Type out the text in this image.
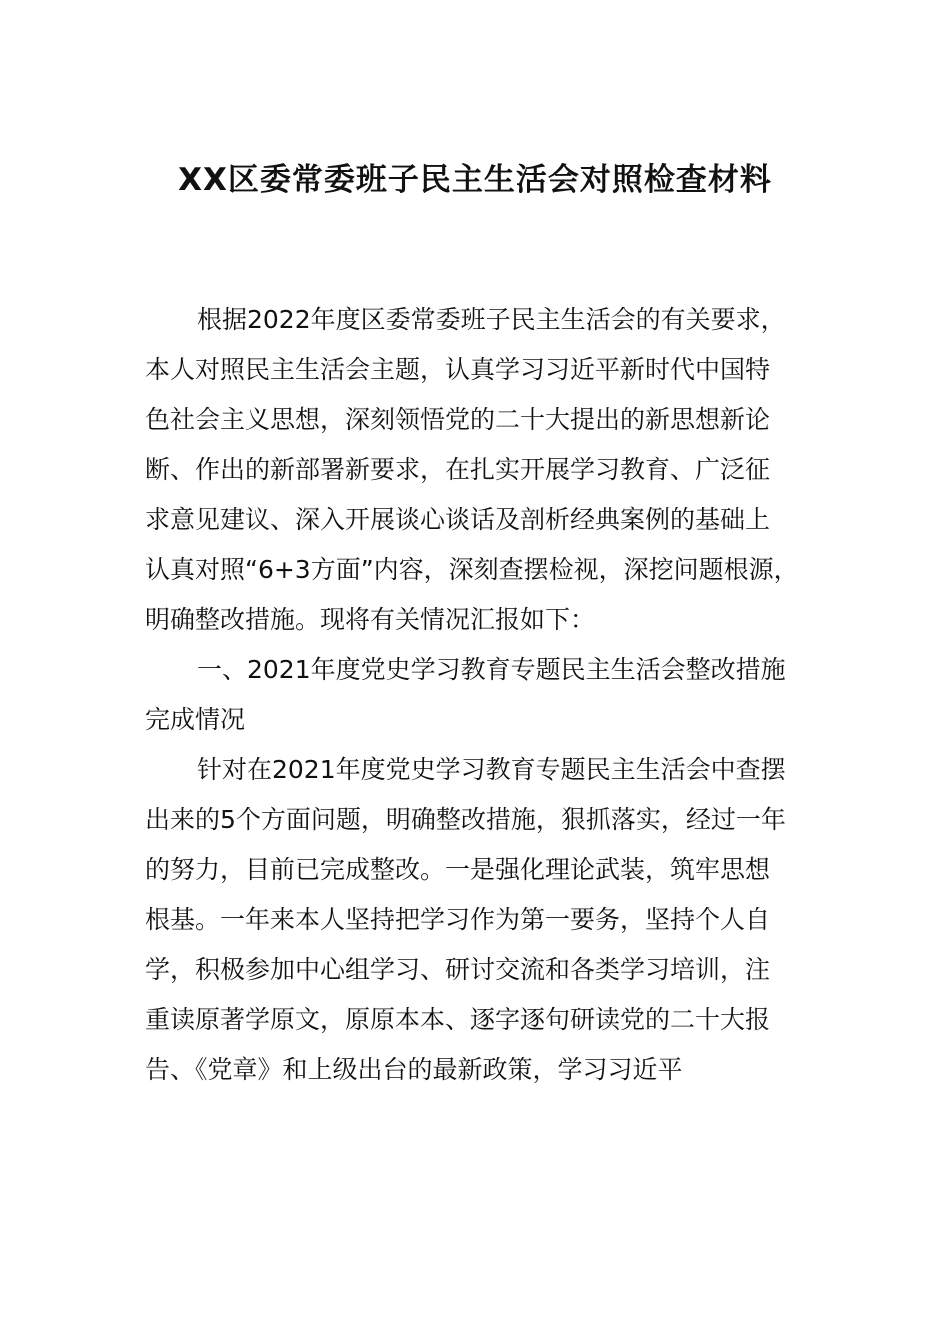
XX区委常委班子民主生活会对照检查材料
根据2022年度区委常委班子民主生活会的有关要求，
本人对照民主生活会主题，认真学习习近平新时代中国特
色社会主义思想，深刻领悟党的二十大提出的新思想新论
断、作出的新部署新要求，在扎实开展学习教育、广泛征
求意见建议、深入开展谈心谈话及剖析经典案例的基础上
认真对照“6+3方面”内容，深刻查摆检视，深挖问题根源，
明确整改措施。现将有关情况汇报如下：
一、2021年度党史学习教育专题民主生活会整改措施
完成情况
针对在2021年度党史学习教育专题民主生活会中查摆
出来的5个方面问题，明确整改措施，狠抓落实，经过一年
的努力，目前已完成整改。一是强化理论武装，筑牢思想
根基。一年来本人坚持把学习作为第一要务，坚持个人自
学，积极参加中心组学习、研讨交流和各类学习培训，注
重读原著学原文，原原本本、逐字逐句研读党的二十大报
告、《党章》和上级出台的最新政策，学习习近平
